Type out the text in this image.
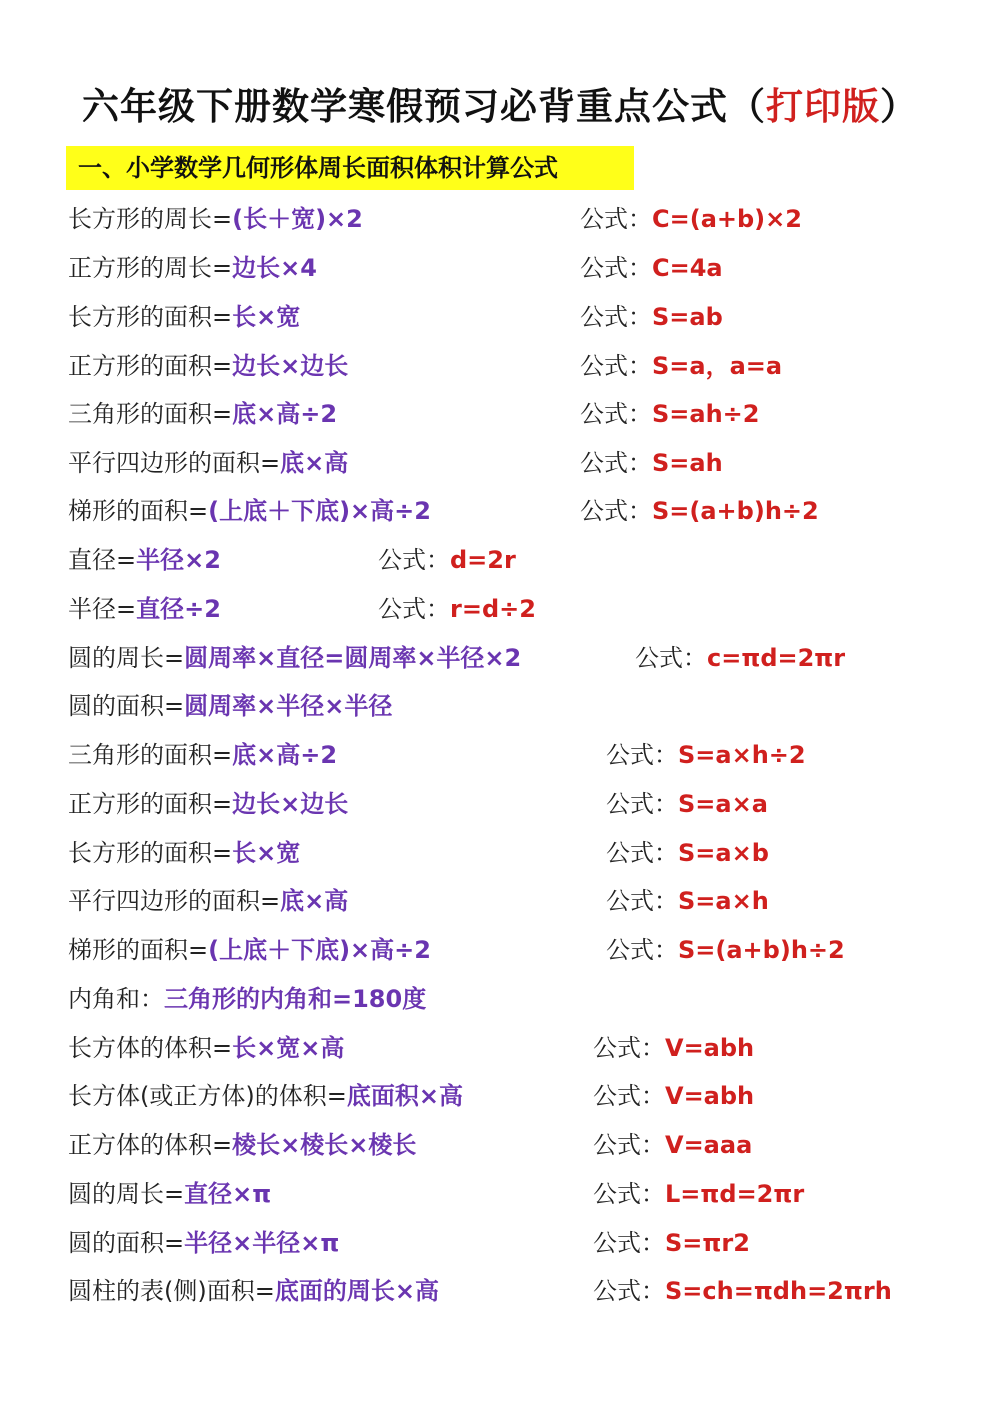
六年级下册数学寒假预习必背重点公式（打印版）
一、小学数学几何形体周长面积体积计算公式
长方形的周长=(长＋宽)×2	公式：C=(a+b)×2
正方形的周长=边长×4	公式：C=4a
长方形的面积=长×宽	公式：S=ab
正方形的面积=边长×边长	公式：S=a，a=a
三角形的面积=底×高÷2	公式：S=ah÷2
平行四边形的面积=底×高	公式：S=ah
梯形的面积=(上底＋下底)×高÷2	公式：S=(a+b)h÷2
直径=半径×2	公式：d=2r
半径=直径÷2	公式：r=d÷2
圆的周长=圆周率×直径=圆周率×半径×2	公式：c=πd=2πr
圆的面积=圆周率×半径×半径
三角形的面积=底×高÷2	公式：S=a×h÷2
正方形的面积=边长×边长	公式：S=a×a
长方形的面积=长×宽	公式：S=a×b
平行四边形的面积=底×高	公式：S=a×h
梯形的面积=(上底＋下底)×高÷2	公式：S=(a+b)h÷2
内角和：三角形的内角和=180度
长方体的体积=长×宽×高	公式：V=abh
长方体(或正方体)的体积=底面积×高	公式：V=abh
正方体的体积=棱长×棱长×棱长	公式：V=aaa
圆的周长=直径×π	公式：L=πd=2πr
圆的面积=半径×半径×π	公式：S=πr2
圆柱的表(侧)面积=底面的周长×高	公式：S=ch=πdh=2πrh
